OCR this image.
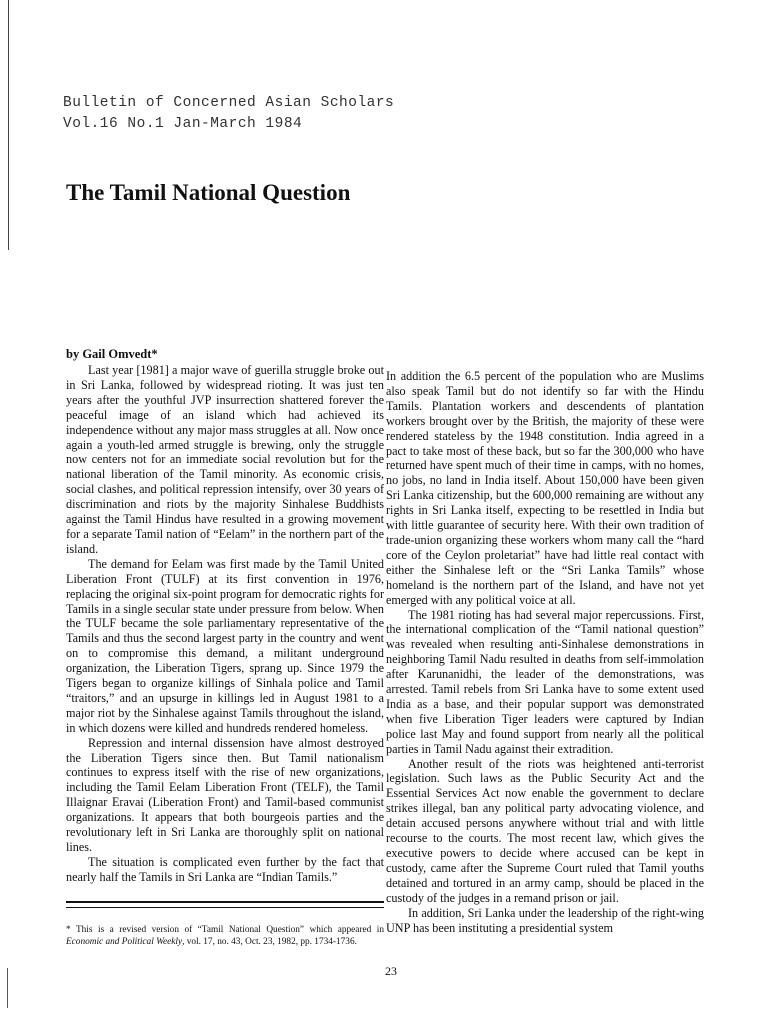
Bulletin of Concerned Asian Scholars
Vol.16 No.1 Jan-March 1984
The Tamil National Question
by Gail Omvedt*

Last year [1981] a major wave of guerilla struggle broke out in Sri Lanka, followed by widespread rioting. It was just ten years after the youthful JVP insurrection shattered forever the peaceful image of an island which had achieved its independence without any major mass struggles at all. Now once again a youth-led armed struggle is brewing, only the struggle now centers not for an immediate social revolution but for the national liberation of the Tamil minority. As economic crisis, social clashes, and political repression intensify, over 30 years of discrimination and riots by the majority Sinhalese Buddhists against the Tamil Hindus have resulted in a growing movement for a separate Tamil nation of “Eelam” in the northern part of the island.

The demand for Eelam was first made by the Tamil United Liberation Front (TULF) at its first convention in 1976, replacing the original six-point program for democratic rights for Tamils in a single secular state under pressure from below. When the TULF became the sole parliamentary representative of the Tamils and thus the second largest party in the country and went on to compromise this demand, a militant underground organization, the Liberation Tigers, sprang up. Since 1979 the Tigers began to organize killings of Sinhala police and Tamil “traitors,” and an upsurge in killings led in August 1981 to a major riot by the Sinhalese against Tamils throughout the island, in which dozens were killed and hundreds rendered homeless.

Repression and internal dissension have almost destroyed the Liberation Tigers since then. But Tamil nationalism continues to express itself with the rise of new organizations, including the Tamil Eelam Liberation Front (TELF), the Tamil Illaignar Eravai (Liberation Front) and Tamil-based communist organizations. It appears that both bourgeois parties and the revolutionary left in Sri Lanka are thoroughly split on national lines.

The situation is complicated even further by the fact that nearly half the Tamils in Sri Lanka are “Indian Tamils.”

* This is a revised version of “Tamil National Question” which appeared in Economic and Political Weekly, vol. 17, no. 43, Oct. 23, 1982, pp. 1734-1736.
23

In addition the 6.5 percent of the population who are Muslims also speak Tamil but do not identify so far with the Hindu Tamils. Plantation workers and descendents of plantation workers brought over by the British, the majority of these were rendered stateless by the 1948 constitution. India agreed in a pact to take most of these back, but so far the 300,000 who have returned have spent much of their time in camps, with no homes, no jobs, no land in India itself. About 150,000 have been given Sri Lanka citizenship, but the 600,000 remaining are without any rights in Sri Lanka itself, expecting to be resettled in India but with little guarantee of security here. With their own tradition of trade-union organizing these workers whom many call the “hard core of the Ceylon proletariat” have had little real contact with either the Sinhalese left or the “Sri Lanka Tamils” whose homeland is the northern part of the Island, and have not yet emerged with any political voice at all.

The 1981 rioting has had several major repercussions. First, the international complication of the “Tamil national question” was revealed when resulting anti-Sinhalese demonstrations in neighboring Tamil Nadu resulted in deaths from self-immolation after Karunanidhi, the leader of the demonstrations, was arrested. Tamil rebels from Sri Lanka have to some extent used India as a base, and their popular support was demonstrated when five Liberation Tiger leaders were captured by Indian police last May and found support from nearly all the political parties in Tamil Nadu against their extradition.

Another result of the riots was heightened anti-terrorist legislation. Such laws as the Public Security Act and the Essential Services Act now enable the government to declare strikes illegal, ban any political party advocating violence, and detain accused persons anywhere without trial and with little recourse to the courts. The most recent law, which gives the executive powers to decide where accused can be kept in custody, came after the Supreme Court ruled that Tamil youths detained and tortured in an army camp, should be placed in the custody of the judges in a remand prison or jail.

In addition, Sri Lanka under the leadership of the right-wing UNP has been instituting a presidential system
